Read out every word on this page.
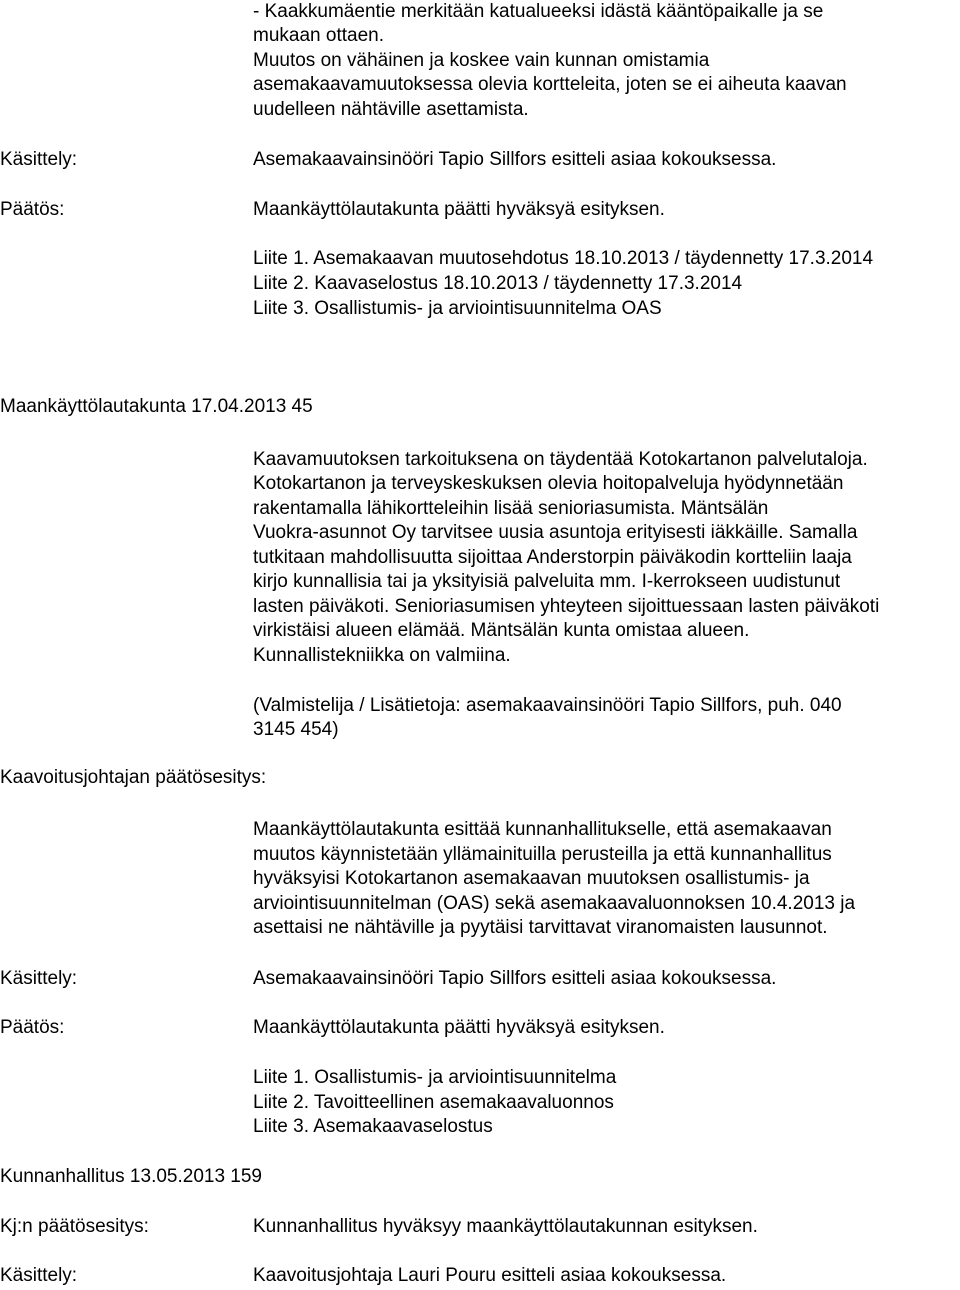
- Kaakkumäentie merkitään katualueeksi idästä kääntöpaikalle ja se
mukaan ottaen.
Muutos on vähäinen ja koskee vain kunnan omistamia
asemakaavamuutoksessa olevia kortteleita, joten se ei aiheuta kaavan
uudelleen nähtäville asettamista.
Käsittely:	Asemakaavainsinööri Tapio Sillfors esitteli asiaa kokouksessa.
Päätös:	Maankäyttölautakunta päätti hyväksyä esityksen.
Liite 1. Asemakaavan muutosehdotus 18.10.2013 / täydennetty 17.3.2014
Liite 2. Kaavaselostus 18.10.2013 / täydennetty 17.3.2014
Liite 3. Osallistumis- ja arviointisuunnitelma OAS
Maankäyttölautakunta 17.04.2013 45
Kaavamuutoksen tarkoituksena on täydentää Kotokartanon palvelutaloja.
Kotokartanon ja terveyskeskuksen olevia hoitopalveluja hyödynnetään
rakentamalla lähikortteleihin lisää senioriasumista. Mäntsälän
Vuokra-asunnot Oy tarvitsee uusia asuntoja erityisesti iäkkäille. Samalla
tutkitaan mahdollisuutta sijoittaa Anderstorpin päiväkodin kortteliin laaja
kirjo kunnallisia tai ja yksityisiä palveluita mm. I-kerrokseen uudistunut
lasten päiväkoti. Senioriasumisen yhteyteen sijoittuessaan lasten päiväkoti
virkistäisi alueen elämää. Mäntsälän kunta omistaa alueen.
Kunnallistekniikka on valmiina.
(Valmistelija / Lisätietoja: asemakaavainsinööri Tapio Sillfors, puh. 040
3145 454)
Kaavoitusjohtajan päätösesitys:
Maankäyttölautakunta esittää kunnanhallitukselle, että asemakaavan
muutos käynnistetään yllämainituilla perusteilla ja että kunnanhallitus
hyväksyisi Kotokartanon asemakaavan muutoksen osallistumis- ja
arviointisuunnitelman (OAS) sekä asemakaavaluonnoksen 10.4.2013 ja
asettaisi ne nähtäville ja pyytäisi tarvittavat viranomaisten lausunnot.
Käsittely:	Asemakaavainsinööri Tapio Sillfors esitteli asiaa kokouksessa.
Päätös:	Maankäyttölautakunta päätti hyväksyä esityksen.
Liite 1. Osallistumis- ja arviointisuunnitelma
Liite 2. Tavoitteellinen asemakaavaluonnos
Liite 3. Asemakaavaselostus
Kunnanhallitus 13.05.2013 159
Kj:n päätösesitys:	Kunnanhallitus hyväksyy maankäyttölautakunnan esityksen.
Käsittely:	Kaavoitusjohtaja Lauri Pouru esitteli asiaa kokouksessa.
